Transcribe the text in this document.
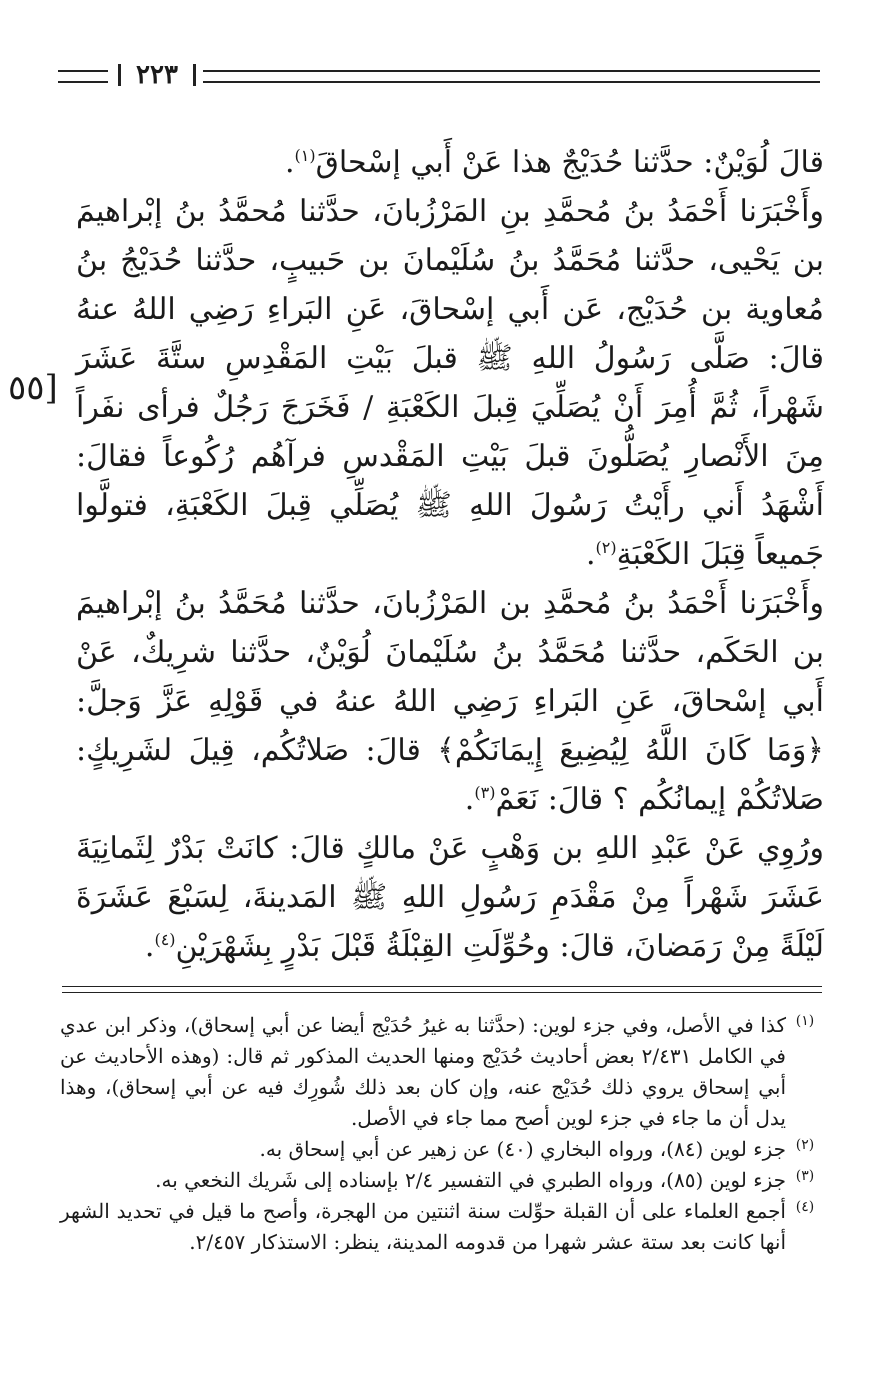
٢٢٣
[٥٥

قالَ لُوَيْنٌ: حدَّثنا حُدَيْجٌ هذا عَنْ أَبي إسْحاقَ$^{(١)}$.

وأَخْبَرَنا أَحْمَدُ بنُ مُحمَّدِ بنِ المَرْزُبانَ، حدَّثنا مُحمَّدُ بنُ إبْراهيمَ بن يَحْيى، حدَّثنا مُحَمَّدُ بنُ سُلَيْمانَ بن حَبيبٍ، حدَّثنا حُدَيْجُ بنُ مُعاوية بن حُدَيْج، عَن أَبي إسْحاقَ، عَنِ البَراءِ رَضِي اللهُ عنهُ قالَ: صَلَّى رَسُولُ اللهِ ﷺ قبلَ بَيْتِ المَقْدِسِ ستَّةَ عَشَرَ شَهْراً، ثُمَّ أُمِرَ أَنْ يُصَلِّيَ قِبلَ الكَعْبَةِ / فَخَرَجَ رَجُلٌ فرأى نفَراً مِنَ الأَنْصارِ يُصَلُّونَ قبلَ بَيْتِ المَقْدسِ فرآهُم رُكُوعاً فقالَ: أَشْهَدُ أَني رأَيْتُ رَسُولَ اللهِ ﷺ يُصَلِّي قِبلَ الكَعْبَةِ، فتولَّوا جَميعاً قِبَلَ الكَعْبَةِ$^{(٢)}$.

وأَخْبَرَنا أَحْمَدُ بنُ مُحمَّدِ بن المَرْزُبانَ، حدَّثنا مُحَمَّدُ بنُ إبْراهيمَ بن الحَكَم، حدَّثنا مُحَمَّدُ بنُ سُلَيْمانَ لُوَيْنٌ، حدَّثنا شرِيكٌ، عَنْ أَبي إسْحاقَ، عَنِ البَراءِ رَضِي اللهُ عنهُ في قَوْلِهِ عَزَّ وَجلَّ: ﴿وَمَا كَانَ اللَّهُ لِيُضِيعَ إِيمَانَكُمْ﴾ قالَ: صَلاتُكُم، قِيلَ لشَرِيكٍ: صَلاتُكُمْ إيمانُكُم ؟ قالَ: نَعَمْ$^{(٣)}$.

ورُوِي عَنْ عَبْدِ اللهِ بن وَهْبٍ عَنْ مالكٍ قالَ: كانَتْ بَدْرٌ لِثَمانِيَةَ عَشَرَ شَهْراً مِنْ مَقْدَمِ رَسُولِ اللهِ ﷺ المَدينةَ، لِسَبْعَ عَشَرَةَ لَيْلَةً مِنْ رَمَضانَ، قالَ: وحُوِّلَتِ القِبْلَةُ قَبْلَ بَدْرٍ بِشَهْرَيْنِ$^{(٤)}$.

(١)
كذا في الأصل، وفي جزء لوين: (حدَّثنا به غيرُ حُدَيْج أيضا عن أبي إسحاق)، وذكر ابن عدي في الكامل ٢/٤٣١ بعض أحاديث حُدَيْج ومنها الحديث المذكور ثم قال: (وهذه الأحاديث عن أبي إسحاق يروي ذلك حُدَيْج عنه، وإن كان بعد ذلك شُورِك فيه عن أبي إسحاق)، وهذا يدل أن ما جاء في جزء لوين أصح مما جاء في الأصل.
(٢)
جزء لوين (٨٤)، ورواه البخاري (٤٠) عن زهير عن أبي إسحاق به.
(٣)
جزء لوين (٨٥)، ورواه الطبري في التفسير ٢/٤ بإسناده إلى شَريك النخعي به.
(٤)
أجمع العلماء على أن القبلة حوِّلت سنة اثنتين من الهجرة، وأصح ما قيل في تحديد الشهر أنها كانت بعد ستة عشر شهرا من قدومه المدينة، ينظر: الاستذكار ٢/٤٥٧.
